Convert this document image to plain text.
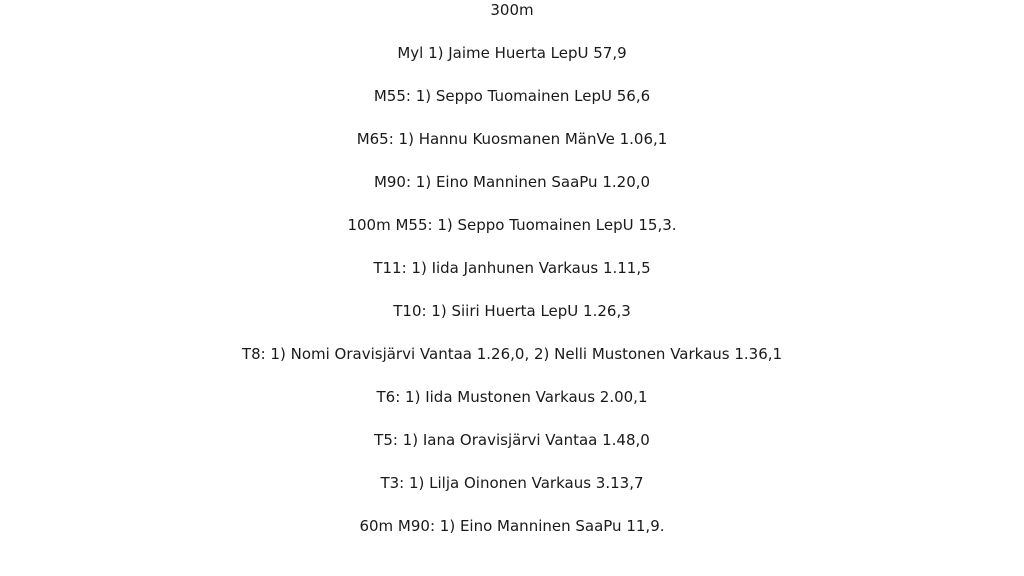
300m
Myl 1) Jaime Huerta LepU 57,9
M55: 1) Seppo Tuomainen LepU 56,6
M65: 1) Hannu Kuosmanen MänVe 1.06,1
M90: 1) Eino Manninen SaaPu 1.20,0
100m M55: 1) Seppo Tuomainen LepU 15,3.
T11: 1) Iida Janhunen Varkaus 1.11,5
T10: 1) Siiri Huerta LepU 1.26,3
T8: 1) Nomi Oravisjärvi Vantaa 1.26,0, 2) Nelli Mustonen Varkaus 1.36,1
T6: 1) Iida Mustonen Varkaus 2.00,1
T5: 1) Iana Oravisjärvi Vantaa 1.48,0
T3: 1) Lilja Oinonen Varkaus 3.13,7
60m M90: 1) Eino Manninen SaaPu 11,9.
